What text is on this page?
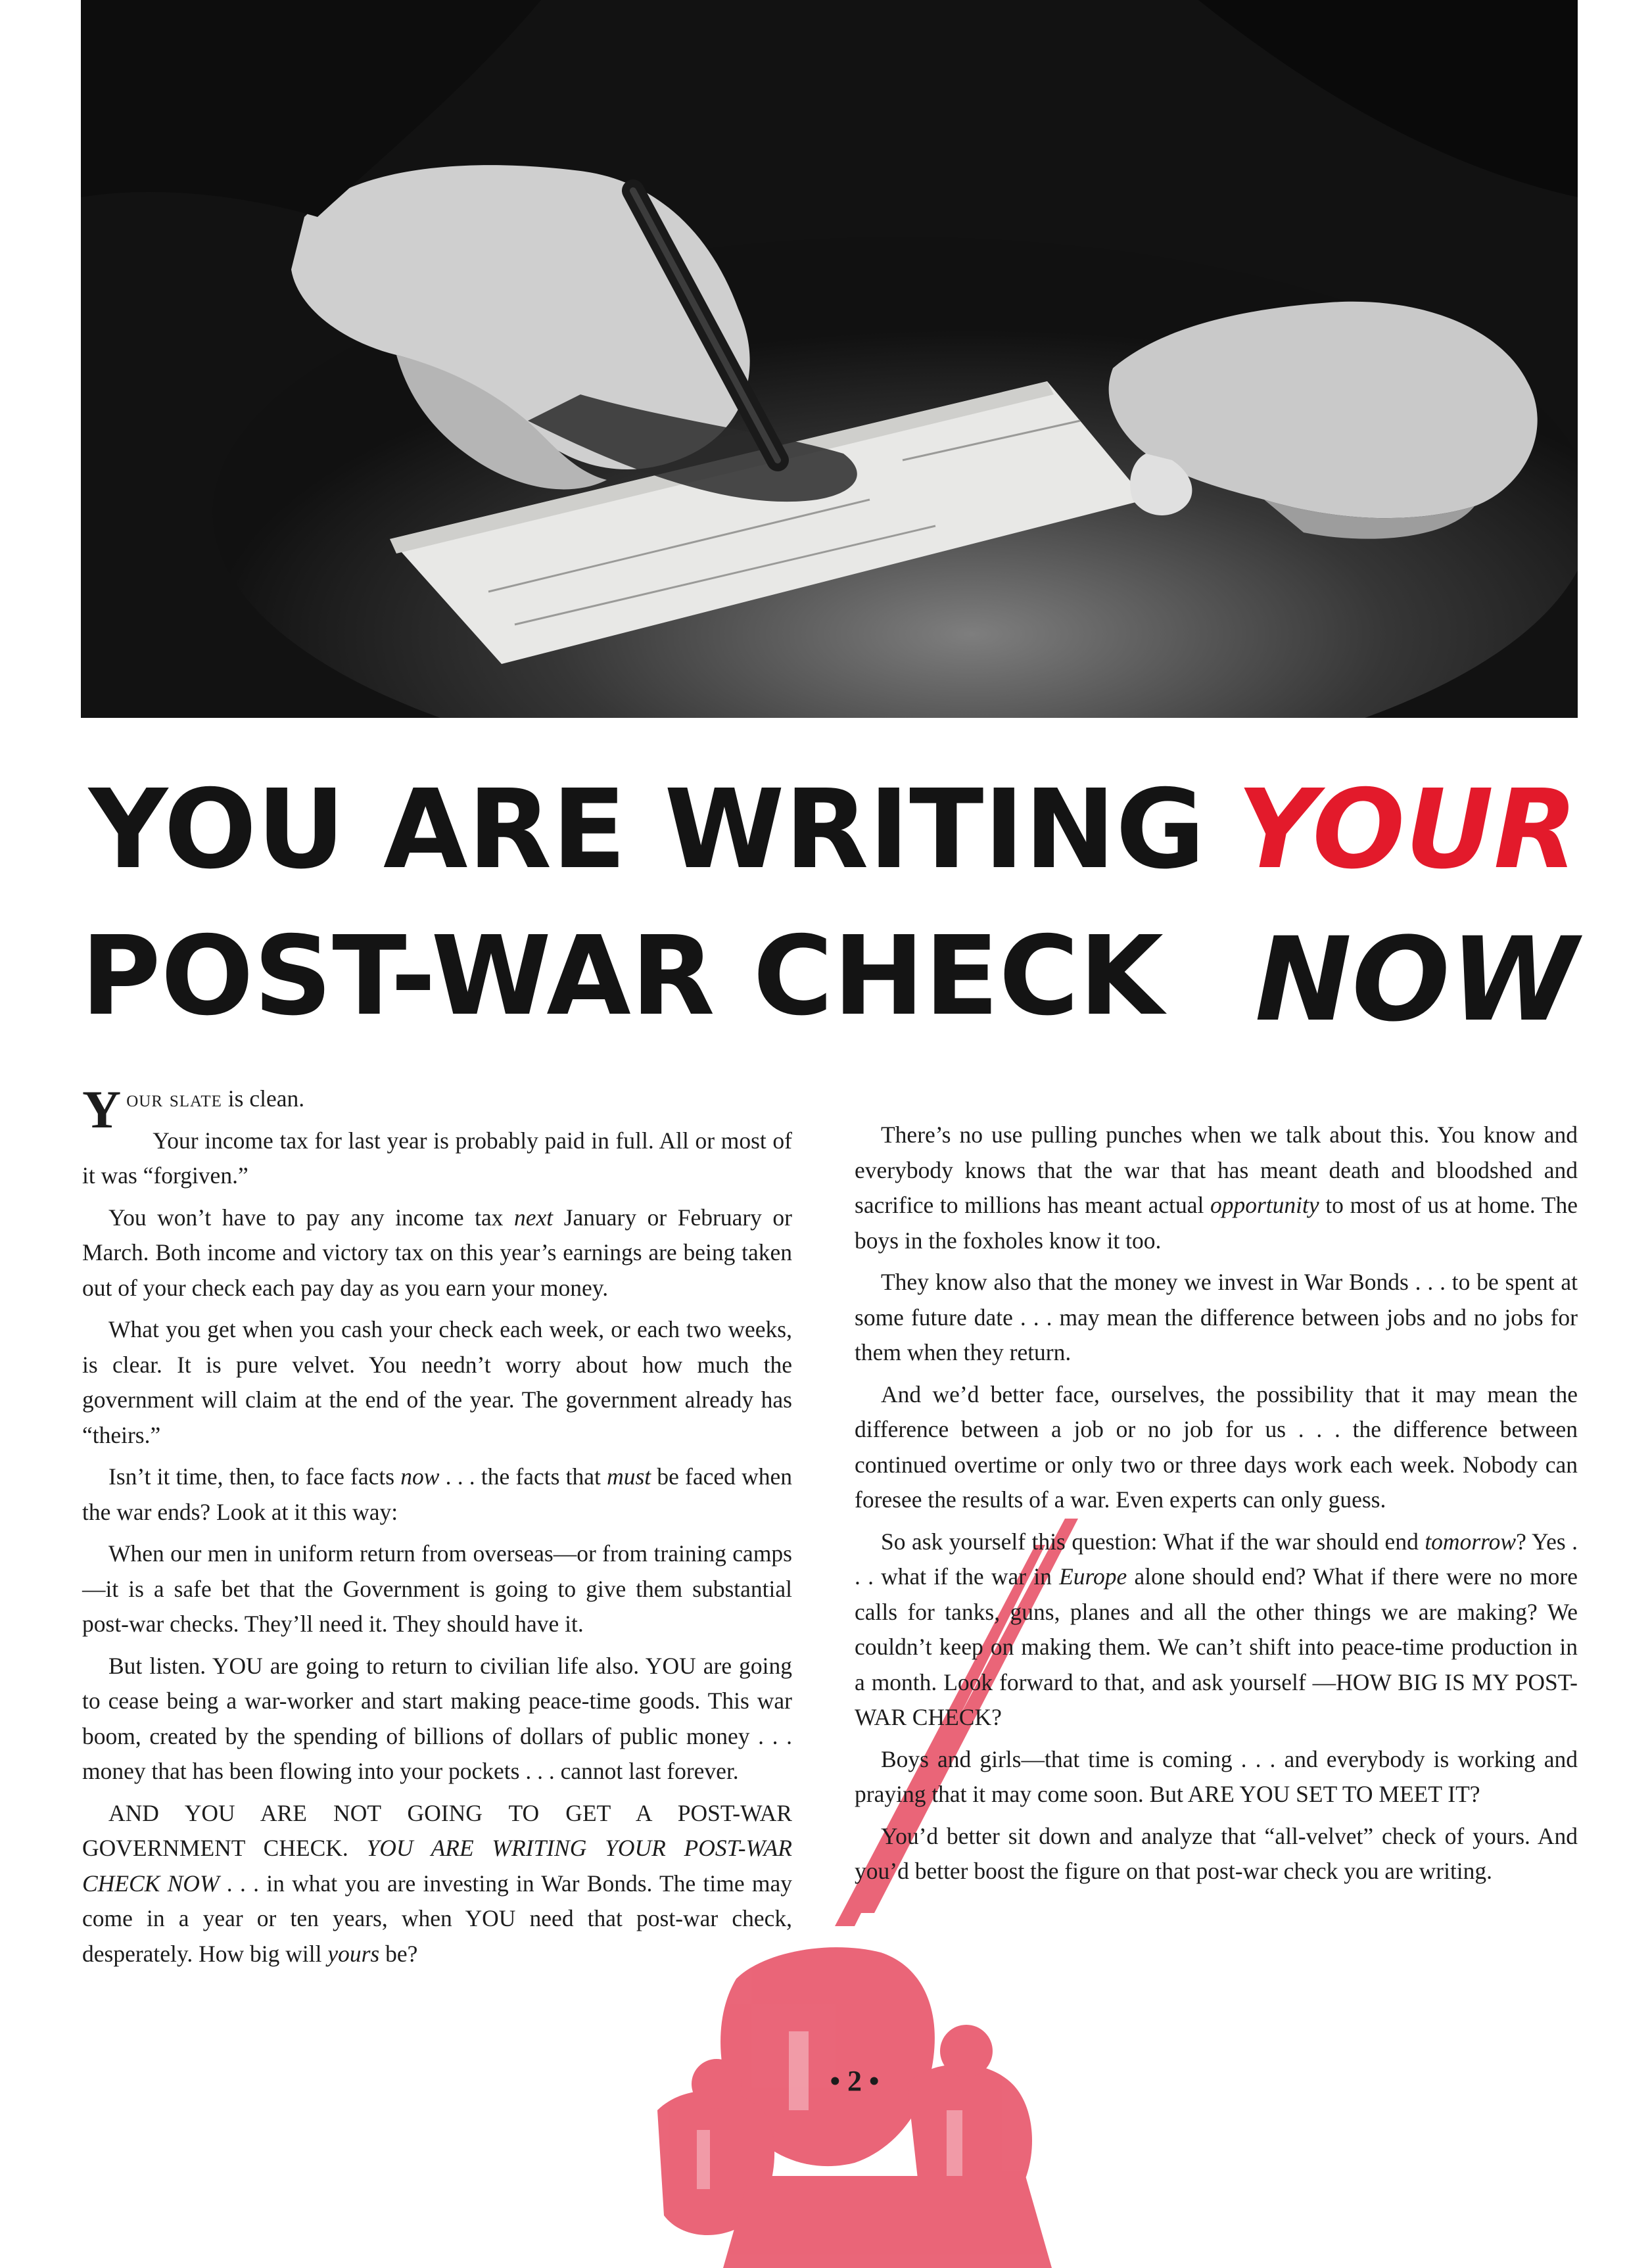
YOU ARE WRITING YOUR
POST-WAR CHECK NOW

Your slate is clean.

Your income tax for last year is probably paid in full. All or most of it was “forgiven.”

You won’t have to pay any income tax next January or February or March. Both income and victory tax on this year’s earnings are being taken out of your check each pay day as you earn your money.

What you get when you cash your check each week, or each two weeks, is clear. It is pure velvet. You needn’t worry about how much the government will claim at the end of the year. The government already has “theirs.”

Isn’t it time, then, to face facts now . . . the facts that must be faced when the war ends? Look at it this way:

When our men in uniform return from overseas—or from training camps—it is a safe bet that the Government is going to give them substantial post-war checks. They’ll need it. They should have it.

But listen. YOU are going to return to civilian life also. YOU are going to cease being a war-worker and start making peace-time goods. This war boom, created by the spending of billions of dollars of public money . . . money that has been flowing into your pockets . . . cannot last forever.

AND YOU ARE NOT GOING TO GET A POST-WAR GOVERNMENT CHECK. YOU ARE WRITING YOUR POST-WAR CHECK NOW . . . in what you are investing in War Bonds. The time may come in a year or ten years, when YOU need that post-war check, desperately. How big will yours be?

There’s no use pulling punches when we talk about this. You know and everybody knows that the war that has meant death and bloodshed and sacrifice to millions has meant actual opportunity to most of us at home. The boys in the foxholes know it too.

They know also that the money we invest in War Bonds . . . to be spent at some future date . . . may mean the difference between jobs and no jobs for them when they return.

And we’d better face, ourselves, the possibility that it may mean the difference between a job or no job for us . . . the difference between continued overtime or only two or three days work each week. Nobody can foresee the results of a war. Even experts can only guess.

So ask yourself this question: What if the war should end tomorrow? Yes . . . what if the war in Europe alone should end? What if there were no more calls for tanks, guns, planes and all the other things we are making? We couldn’t keep on making them. We can’t shift into peace-time production in a month. Look forward to that, and ask yourself —HOW BIG IS MY POST-WAR CHECK?

Boys and girls—that time is coming . . . and everybody is working and praying that it may come soon. But ARE YOU SET TO MEET IT?

You’d better sit down and analyze that “all-velvet” check of yours. And you’d better boost the figure on that post-war check you are writing.

• 2 •
